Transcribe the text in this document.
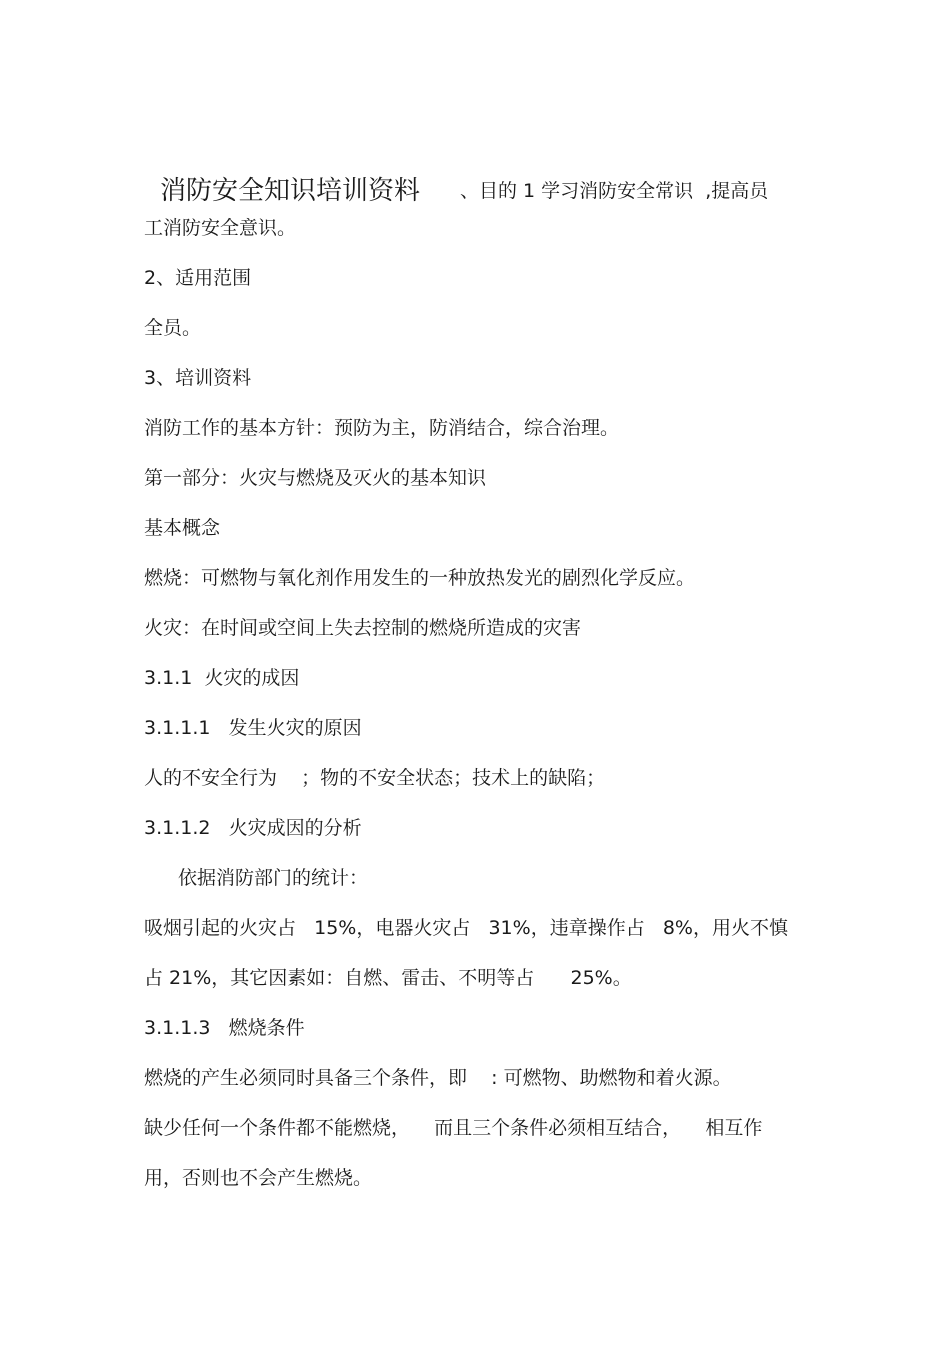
消防安全知识培训资料 、目的 1 学习消防安全常识  ,提高员
工消防安全意识。
2、适用范围
全员。
3、培训资料
消防工作的基本方针：预防为主，防消结合，综合治理。
第一部分：火灾与燃烧及灭火的基本知识
基本概念
燃烧：可燃物与氧化剂作用发生的一种放热发光的剧烈化学反应。
火灾：在时间或空间上失去控制的燃烧所造成的灾害
3.1.1  火灾的成因
3.1.1.1   发生火灾的原因
人的不安全行为    ；物的不安全状态；技术上的缺陷；
3.1.1.2   火灾成因的分析
依据消防部门的统计：
吸烟引起的火灾占   15%，电器火灾占   31%，违章操作占   8%，用火不慎
占 21%，其它因素如：自燃、雷击、不明等占      25%。
3.1.1.3   燃烧条件
燃烧的产生必须同时具备三个条件，即    : 可燃物、助燃物和着火源。
缺少任何一个条件都不能燃烧，    而且三个条件必须相互结合，    相互作
用，否则也不会产生燃烧。
